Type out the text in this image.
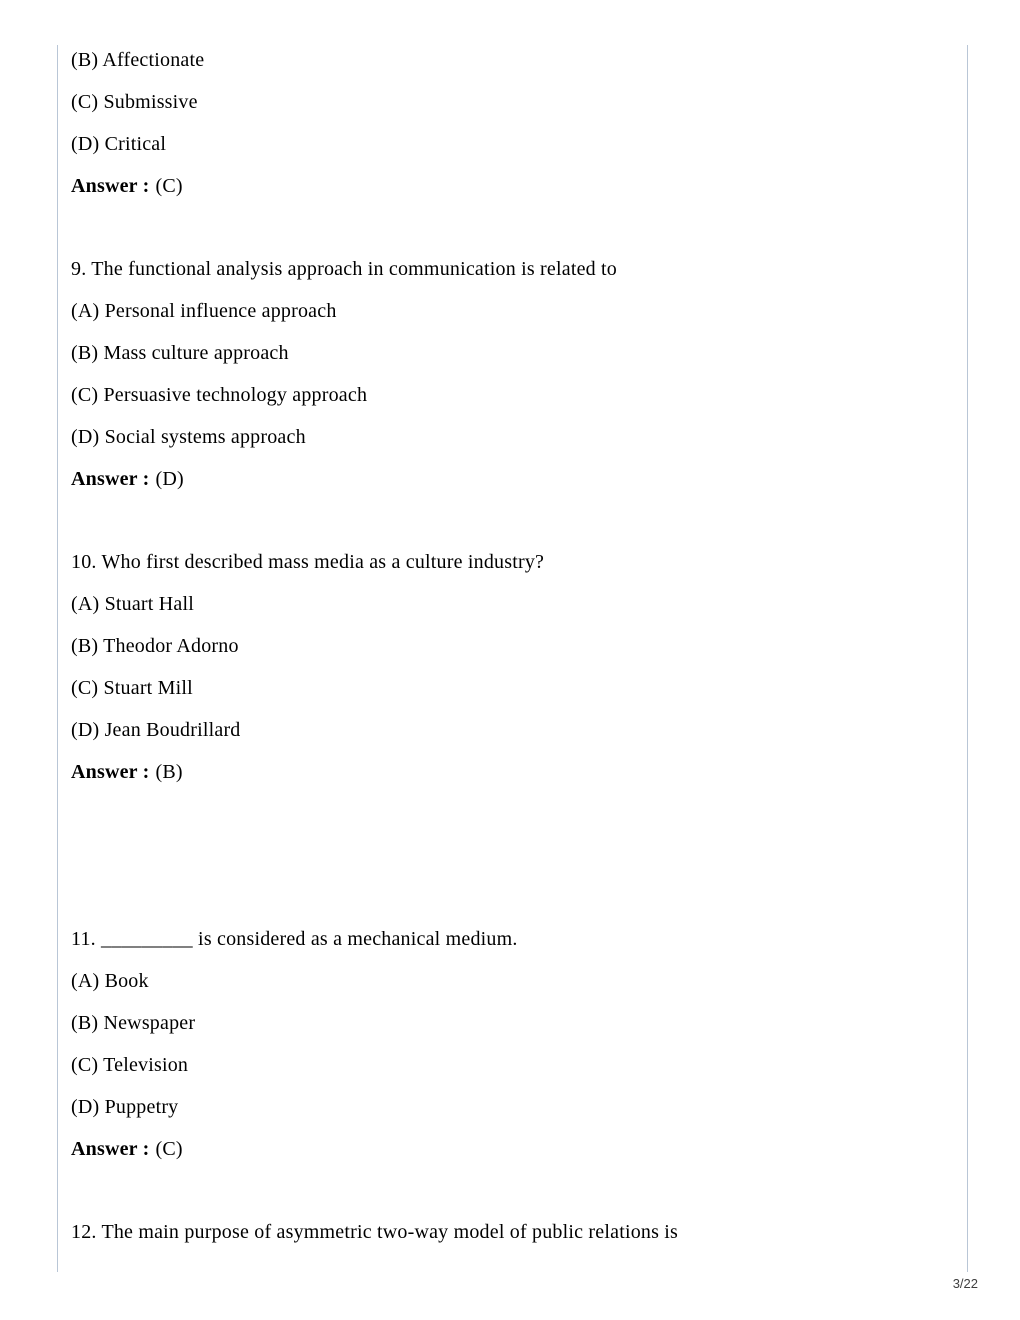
(B) Affectionate

(C) Submissive

(D) Critical

Answer : (C)

9. The functional analysis approach in communication is related to

(A) Personal influence approach

(B) Mass culture approach

(C) Persuasive technology approach

(D) Social systems approach

Answer : (D)

10. Who first described mass media as a culture industry?

(A) Stuart Hall

(B) Theodor Adorno

(C) Stuart Mill

(D) Jean Boudrillard

Answer : (B)

11. _________ is considered as a mechanical medium.

(A) Book

(B) Newspaper

(C) Television

(D) Puppetry

Answer : (C)

12. The main purpose of asymmetric two-way model of public relations is

3/22
